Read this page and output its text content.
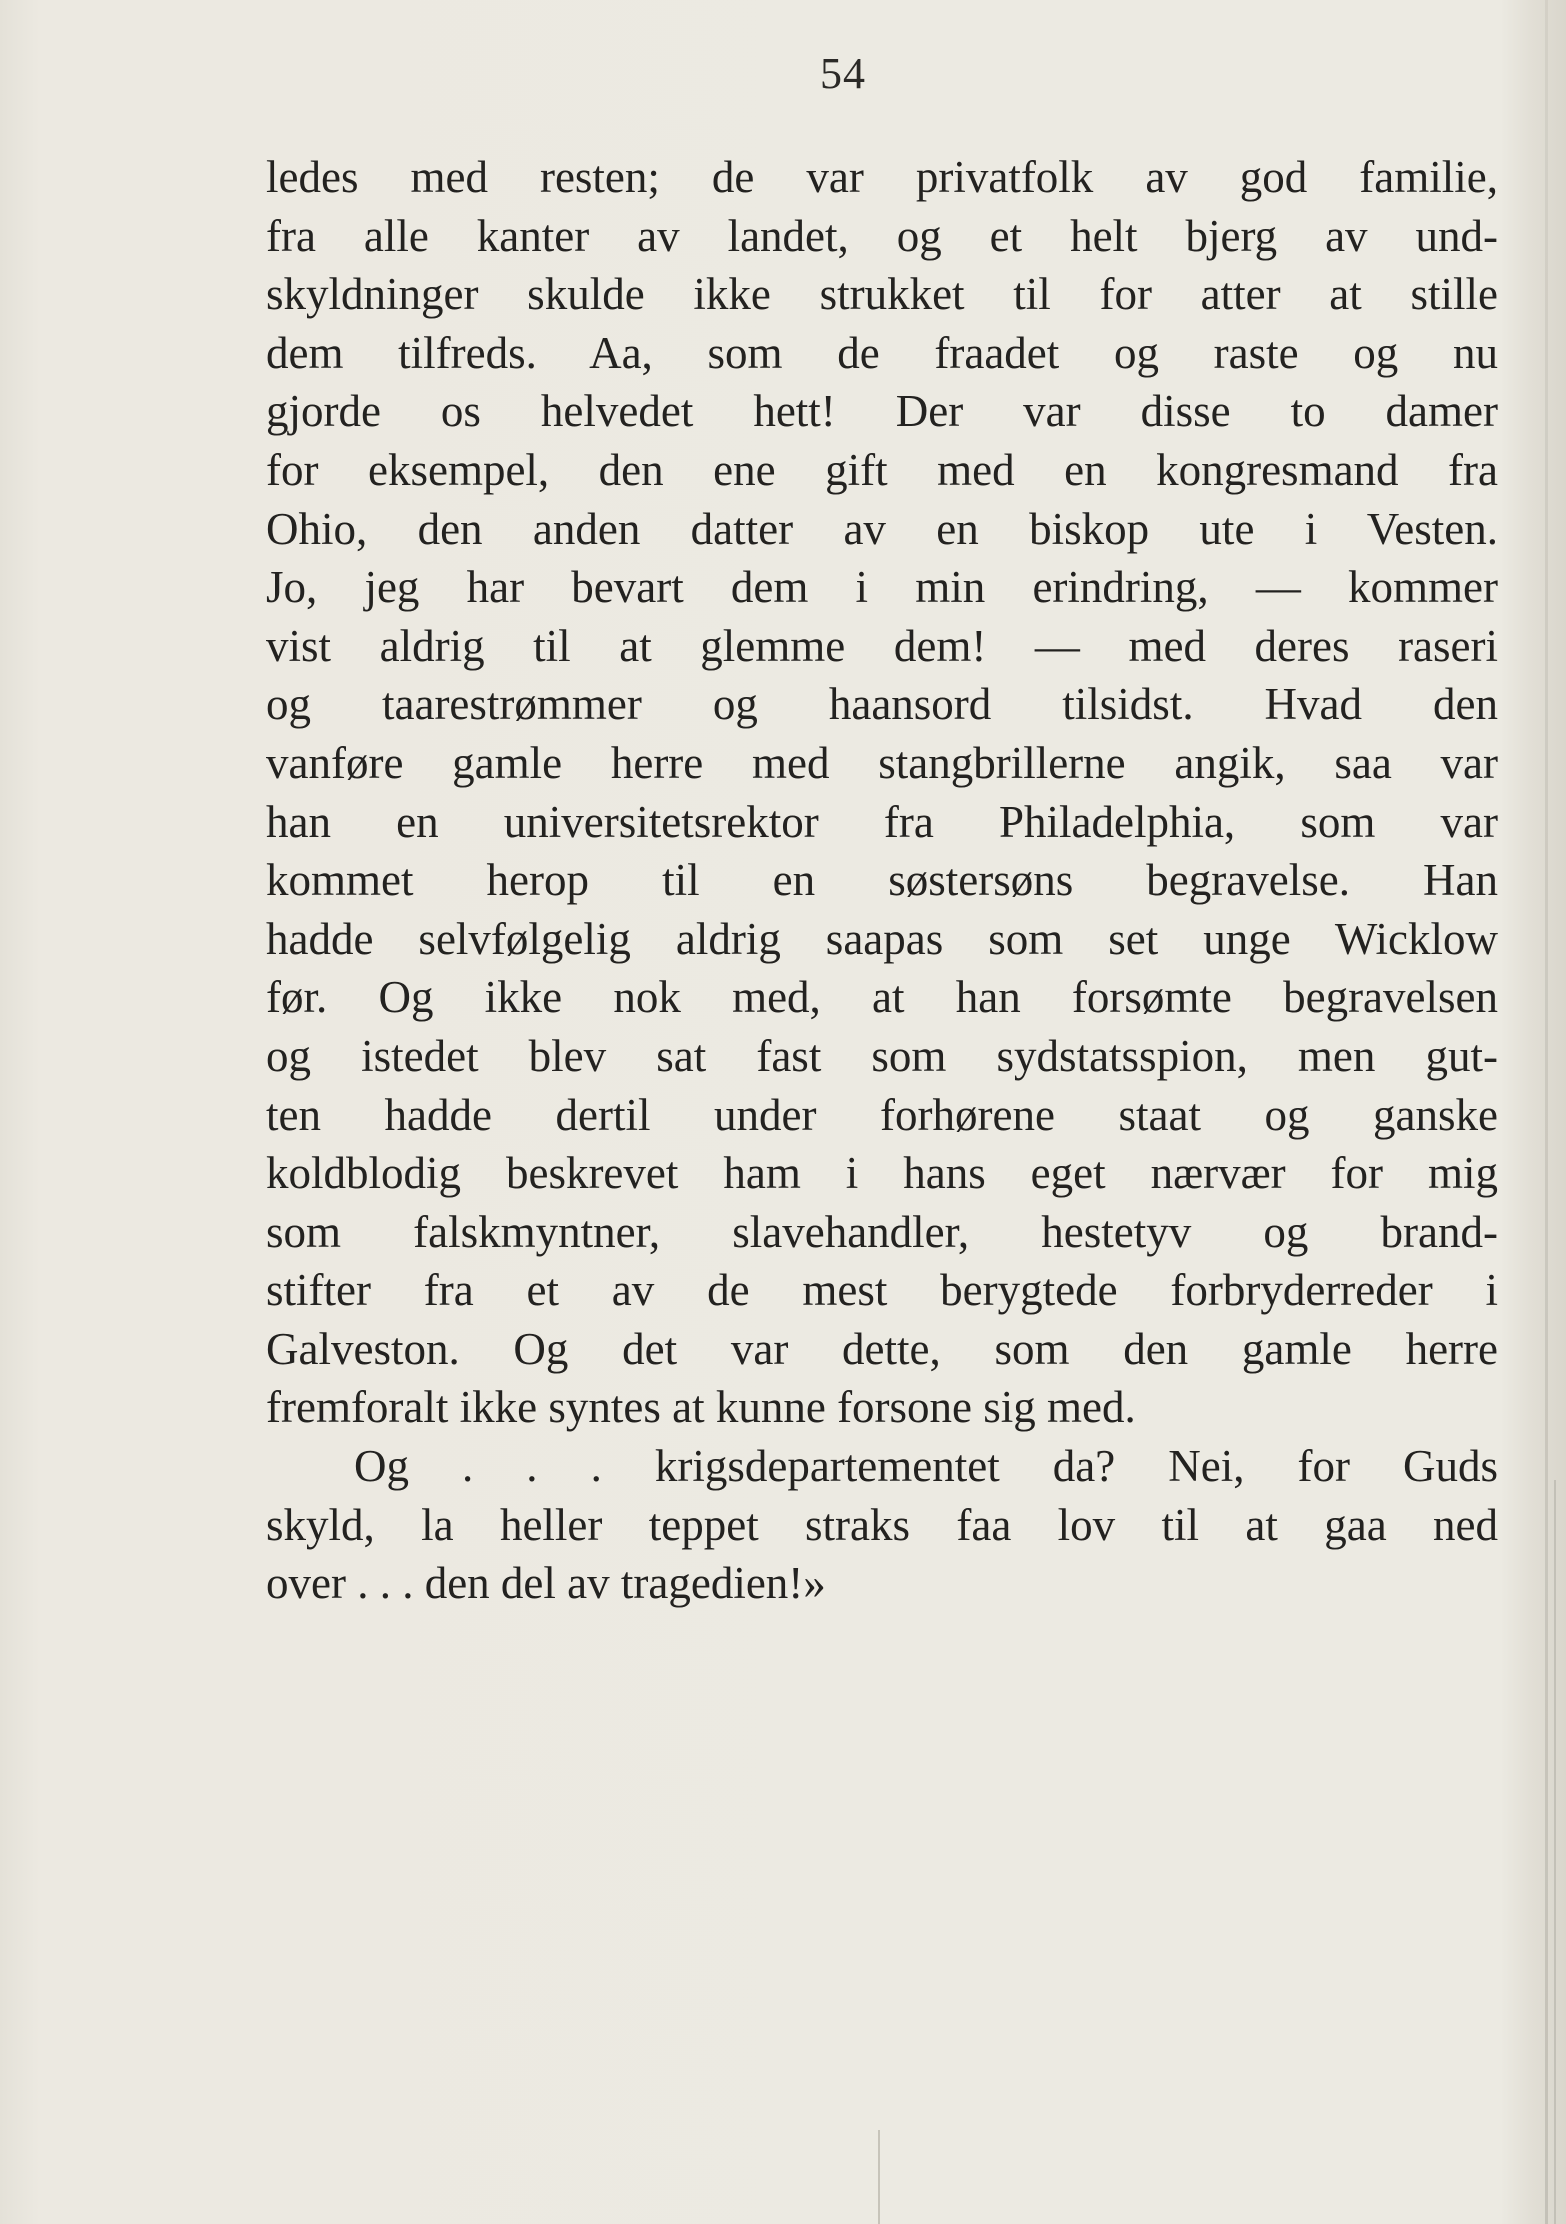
54
ledes med resten; de var privatfolk av god familie,
fra alle kanter av landet, og et helt bjerg av und-
skyldninger skulde ikke strukket til for atter at stille
dem tilfreds. Aa, som de fraadet og raste og nu
gjorde os helvedet hett! Der var disse to damer
for eksempel, den ene gift med en kongresmand fra
Ohio, den anden datter av en biskop ute i Vesten.
Jo, jeg har bevart dem i min erindring, — kommer
vist aldrig til at glemme dem! — med deres raseri
og taarestrømmer og haansord tilsidst. Hvad den
vanføre gamle herre med stangbrillerne angik, saa var
han en universitetsrektor fra Philadelphia, som var
kommet herop til en søstersøns begravelse. Han
hadde selvfølgelig aldrig saapas som set unge Wicklow
før. Og ikke nok med, at han forsømte begravelsen
og istedet blev sat fast som sydstatsspion, men gut-
ten hadde dertil under forhørene staat og ganske
koldblodig beskrevet ham i hans eget nærvær for mig
som falskmyntner, slavehandler, hestetyv og brand-
stifter fra et av de mest berygtede forbryderreder i
Galveston. Og det var dette, som den gamle herre
fremforalt ikke syntes at kunne forsone sig med.
Og . . . krigsdepartementet da? Nei, for Guds
skyld, la heller teppet straks faa lov til at gaa ned
over . . . den del av tragedien!»
